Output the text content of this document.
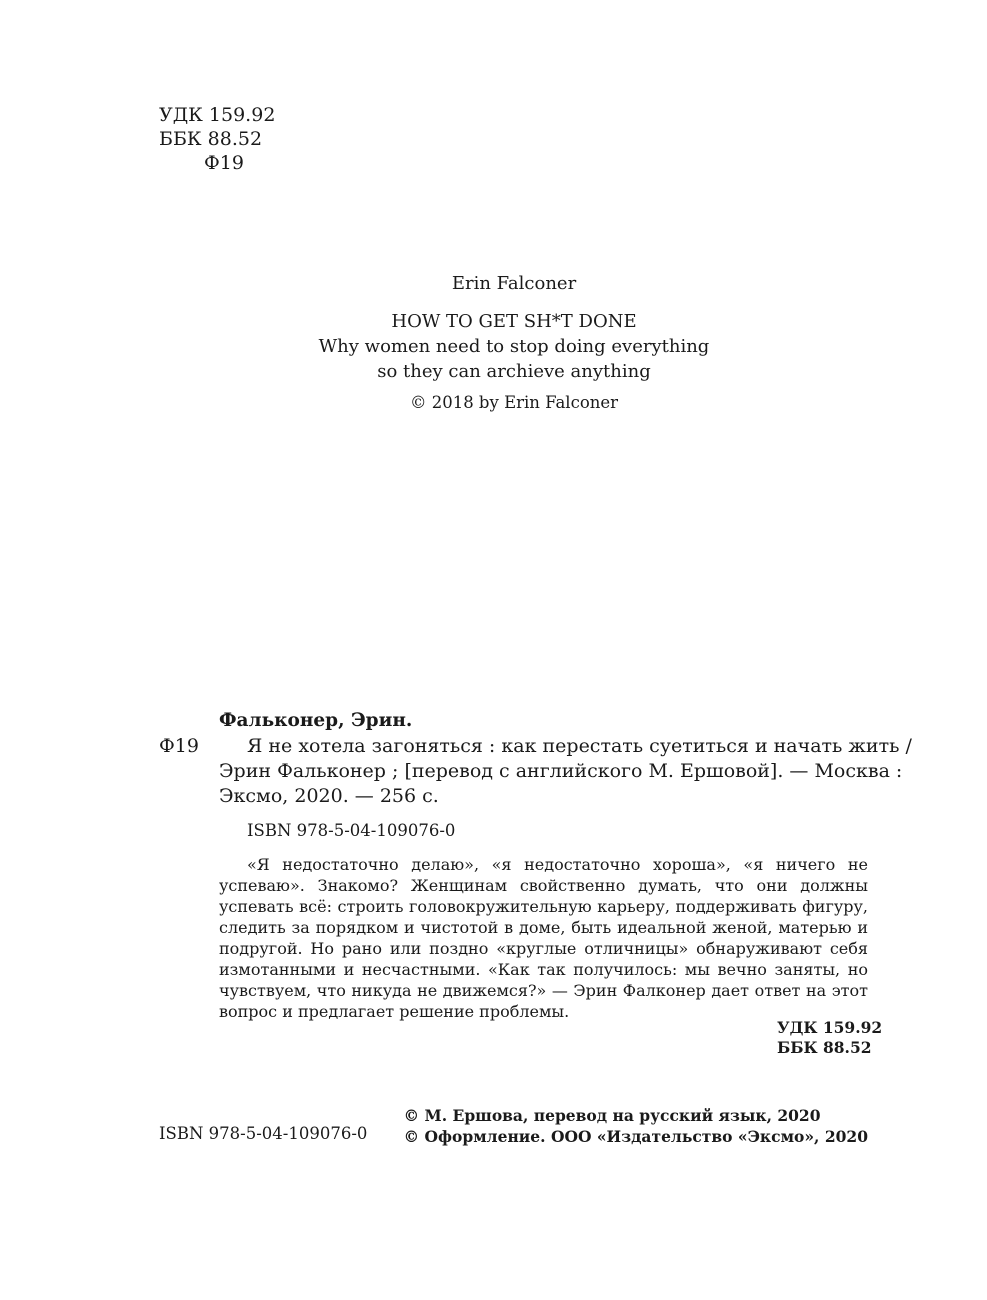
УДК 159.92
ББК 88.52
Ф19
Erin Falconer
HOW TO GET SH*T DONE
Why women need to stop doing everything
so they can archieve anything
© 2018 by Erin Falconer
Фалькoнер, Эрин.
Ф19	Я не хотела загоняться : как перестать суетиться и начать жить /
Эрин Фалькoнер ; [перевод с английского М. Ершовой]. — Москва :
Эксмо, 2020. — 256 с.
ISBN 978-5-04-109076-0

«Я недостаточно делаю», «я недостаточно хороша», «я ничего не успеваю». Знакомо? Женщинам свойственно думать, что они должны успевать всё: строить головокружительную карьеру, поддерживать фигуру, следить за порядком и чистотой в доме, быть идеальной женой, матерью и подругой. Но рано или поздно «круглые отличницы» обнаруживают себя измотанными и несчастными. «Как так получилось: мы вечно заняты, но чувствуем, что никуда не движемся?» — Эрин Фалконер дает ответ на этот вопрос и предлагает решение проблемы.

УДК 159.92
ББК 88.52
ISBN 978-5-04-109076-0
© М. Ершова, перевод на русский язык, 2020
© Оформление. ООО «Издательство «Эксмо», 2020
